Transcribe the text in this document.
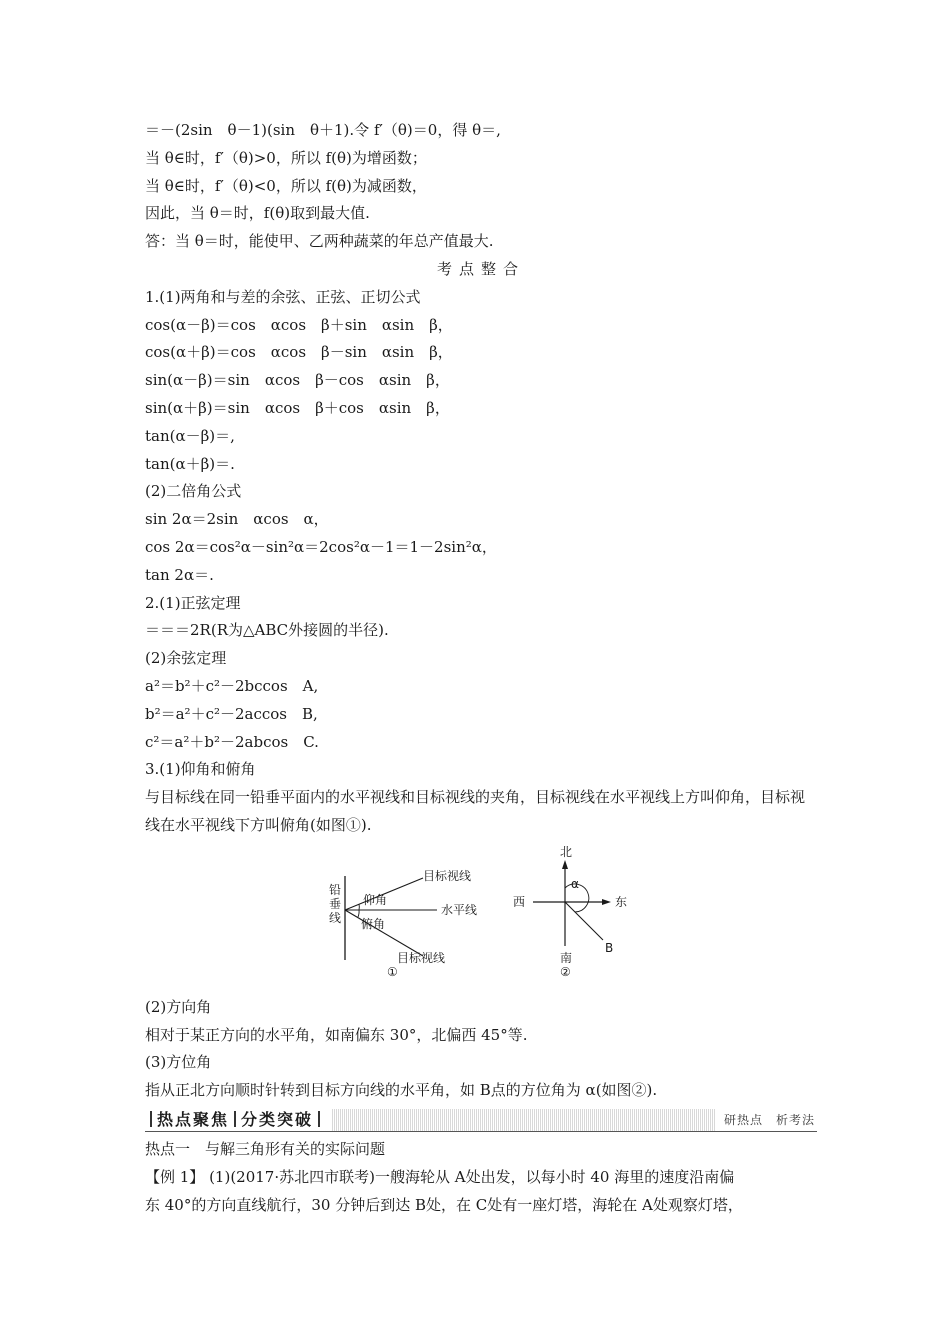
＝－(2sin　θ－1)(sin　θ＋1).令 f′（θ)＝0，得 θ＝,
当 θ∈时，f′（θ)>0，所以 f(θ)为增函数；
当 θ∈时，f′（θ)<0，所以 f(θ)为减函数，
因此，当 θ＝时，f(θ)取到最大值.
答：当 θ＝时，能使甲、乙两种蔬菜的年总产值最大.
考点整合
1.(1)两角和与差的余弦、正弦、正切公式
cos(α－β)＝cos　αcos　β＋sin　αsin　β，
cos(α＋β)＝cos　αcos　β－sin　αsin　β，
sin(α－β)＝sin　αcos　β－cos　αsin　β，
sin(α＋β)＝sin　αcos　β＋cos　αsin　β，
tan(α－β)＝,
tan(α＋β)＝.
(2)二倍角公式
sin 2α＝2sin　αcos　α，
cos 2α＝cos²α－sin²α＝2cos²α－1＝1－2sin²α，
tan 2α＝.
2.(1)正弦定理
＝＝＝2R(R为△ABC外接圆的半径).
(2)余弦定理
a²＝b²＋c²－2bccos　A,
b²＝a²＋c²－2accos　B,
c²＝a²＋b²－2abcos　C.
3.(1)仰角和俯角
与目标线在同一铅垂平面内的水平视线和目标视线的夹角，目标视线在水平视线上方叫仰角，目标视线在水平视线下方叫俯角(如图①).
铅垂线
目标视线
仰角
水平线
俯角
目标视线
①
北
南
东
西
α
B
②
(2)方向角
相对于某正方向的水平角，如南偏东 30°，北偏西 45°等.
(3)方位角
指从正北方向顺时针转到目标方向线的水平角，如 B点的方位角为 α(如图②).
热点聚焦 分类突破	研热点　析考法
热点一　与解三角形有关的实际问题
【例 1】 (1)(2017·苏北四市联考)一艘海轮从 A处出发，以每小时 40 海里的速度沿南偏
东 40°的方向直线航行，30 分钟后到达 B处，在 C处有一座灯塔，海轮在 A处观察灯塔，
